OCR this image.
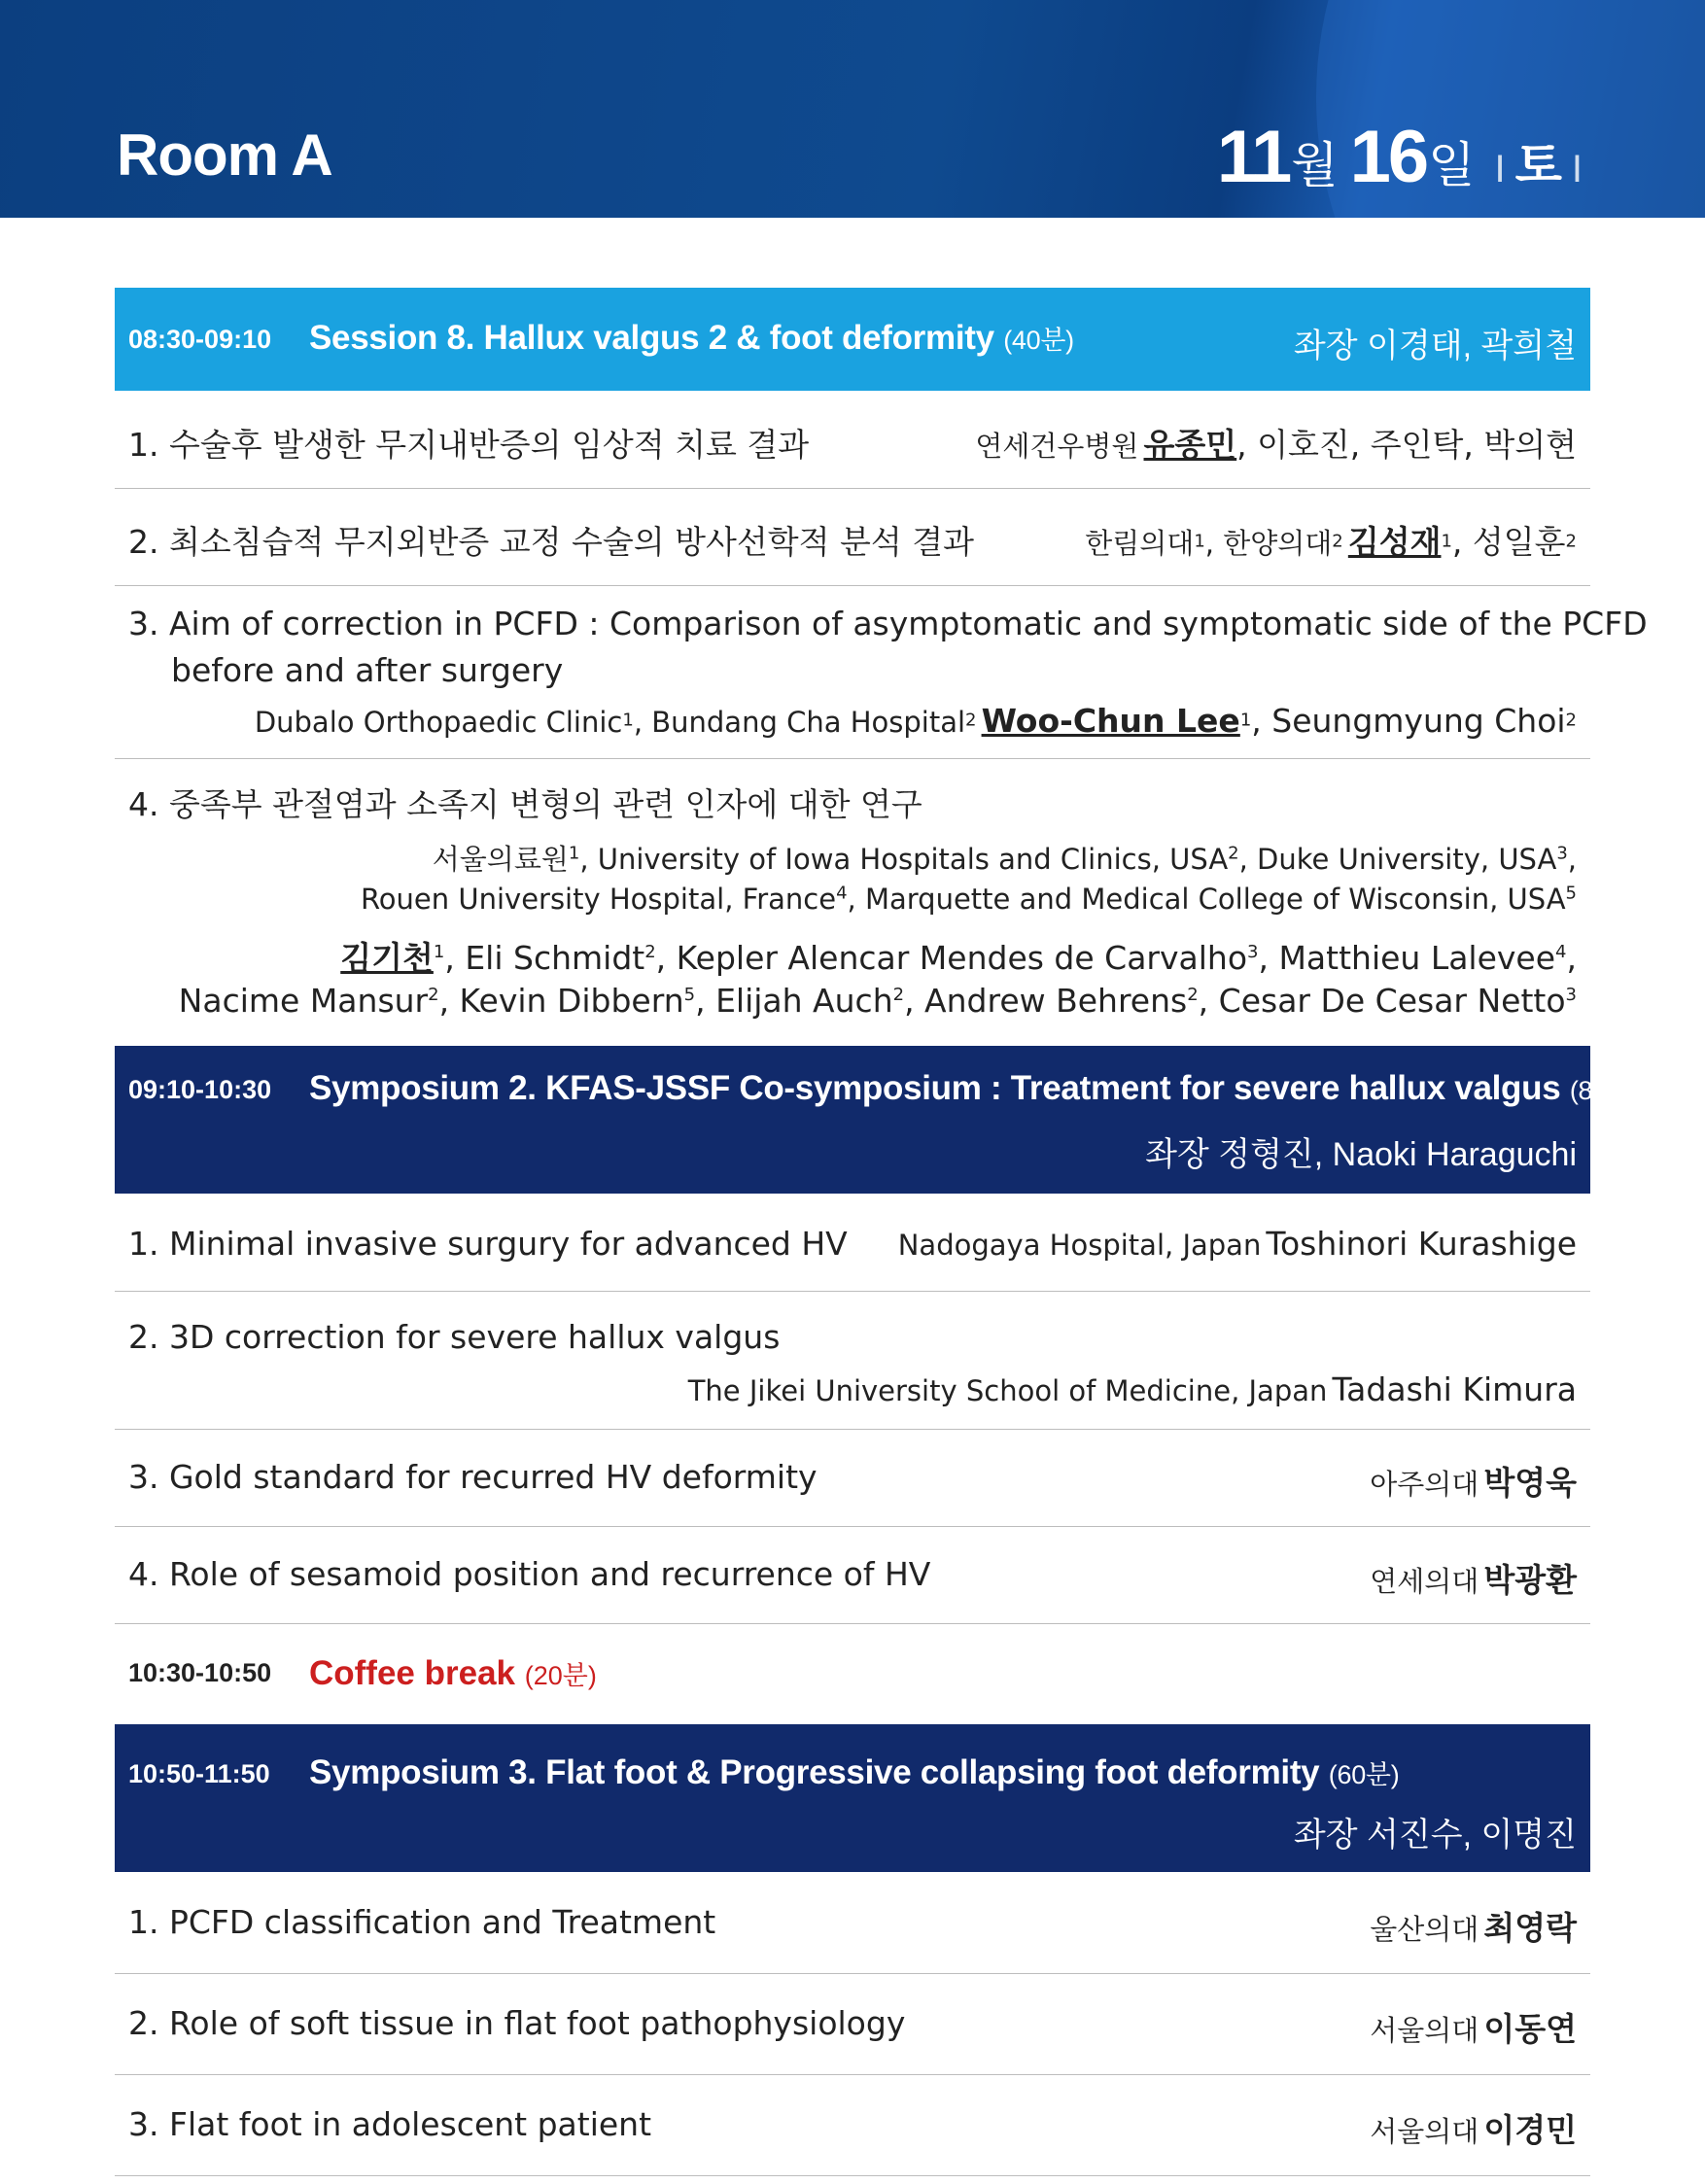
Room A	11 월 16 일 I 토 I
08:30-09:10 Session 8. Hallux valgus 2 & foot deformity (40분)	좌장 이경태, 곽희철
1. 수술후 발생한 무지내반증의 임상적 치료 결과	연세건우병원 유종민, 이호진, 주인탁, 박의현
2. 최소침습적 무지외반증 교정 수술의 방사선학적 분석 결과	한림의대$^1$, 한양의대$^2$ 김성재$^1$, 성일훈$^2$
3. Aim of correction in PCFD : Comparison of asymptomatic and symptomatic side of the PCFD
before and after surgery
Dubalo Orthopaedic Clinic$^1$, Bundang Cha Hospital$^2$ Woo-Chun Lee$^1$, Seungmyung Choi$^2$
4. 중족부 관절염과 소족지 변형의 관련 인자에 대한 연구
서울의료원$^1$, University of Iowa Hospitals and Clinics, USA$^2$, Duke University, USA$^3$,
Rouen University Hospital, France$^4$, Marquette and Medical College of Wisconsin, USA$^5$
김기천$^1$, Eli Schmidt$^2$, Kepler Alencar Mendes de Carvalho$^3$, Matthieu Lalevee$^4$,
Nacime Mansur$^2$, Kevin Dibbern$^5$, Elijah Auch$^2$, Andrew Behrens$^2$, Cesar De Cesar Netto$^3$
09:10-10:30 Symposium 2. KFAS-JSSF Co-symposium : Treatment for severe hallux valgus (80분)
좌장 정형진, Naoki Haraguchi
1. Minimal invasive surgury for advanced HV Nadogaya Hospital, Japan Toshinori Kurashige
2. 3D correction for severe hallux valgus
The Jikei University School of Medicine, Japan Tadashi Kimura
3. Gold standard for recurred HV deformity	아주의대 박영욱
4. Role of sesamoid position and recurrence of HV	연세의대 박광환
10:30-10:50 Coffee break (20분)
10:50-11:50 Symposium 3. Flat foot & Progressive collapsing foot deformity (60분)
좌장 서진수, 이명진
1. PCFD classification and Treatment	울산의대 최영락
2. Role of soft tissue in flat foot pathophysiology	서울의대 이동연
3. Flat foot in adolescent patient	서울의대 이경민
